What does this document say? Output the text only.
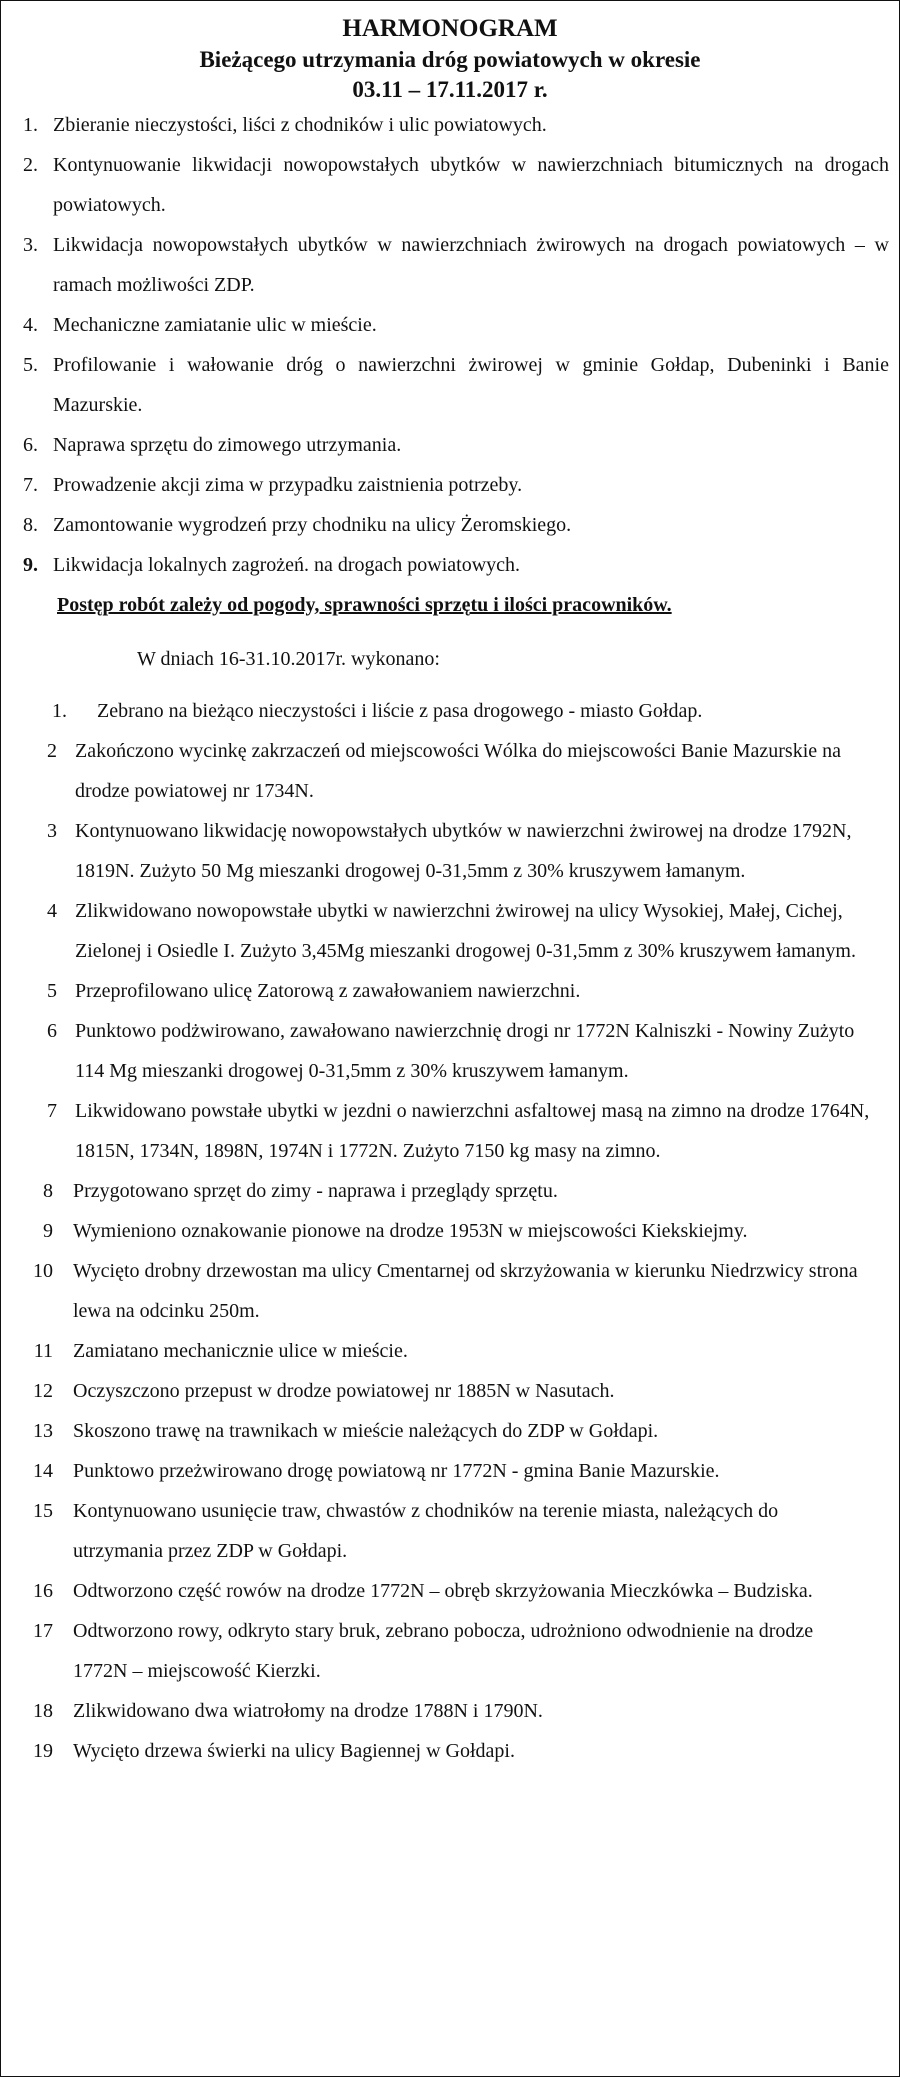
HARMONOGRAM
Bieżącego utrzymania dróg powiatowych w okresie
03.11 – 17.11.2017 r.
1. Zbieranie nieczystości, liści z chodników i ulic powiatowych.
2. Kontynuowanie likwidacji nowopowstałych ubytków w nawierzchniach bitumicznych na drogach powiatowych.
3. Likwidacja nowopowstałych ubytków w nawierzchniach żwirowych na drogach powiatowych – w ramach możliwości ZDP.
4. Mechaniczne zamiatanie ulic w mieście.
5. Profilowanie i wałowanie dróg o nawierzchni żwirowej w gminie Gołdap, Dubeninki i Banie Mazurskie.
6. Naprawa sprzętu do zimowego utrzymania.
7. Prowadzenie akcji zima w przypadku zaistnienia potrzeby.
8. Zamontowanie wygrodzeń przy chodniku na ulicy Żeromskiego.
9. Likwidacja lokalnych zagrożeń. na drogach powiatowych.
Postęp robót zależy od pogody, sprawności sprzętu i ilości pracowników.
W dniach 16-31.10.2017r. wykonano:
1.	Zebrano na bieżąco nieczystości i liście z pasa drogowego - miasto Gołdap.
2 Zakończono wycinkę zakrzaczeń od miejscowości Wólka do miejscowości Banie Mazurskie na drodze powiatowej nr 1734N.
3 Kontynuowano likwidację nowopowstałych ubytków w nawierzchni żwirowej na drodze 1792N, 1819N. Zużyto 50 Mg mieszanki drogowej 0-31,5mm z 30% kruszywem łamanym.
4 Zlikwidowano nowopowstałe ubytki w nawierzchni żwirowej na ulicy Wysokiej, Małej, Cichej, Zielonej i Osiedle I. Zużyto 3,45Mg mieszanki drogowej 0-31,5mm z 30% kruszywem łamanym.
5 Przeprofilowano ulicę Zatorową z zawałowaniem nawierzchni.
6 Punktowo podżwirowano, zawałowano nawierzchnię drogi nr 1772N Kalniszki - Nowiny Zużyto 114 Mg mieszanki drogowej 0-31,5mm z 30% kruszywem łamanym.
7 Likwidowano powstałe ubytki w jezdni o nawierzchni asfaltowej masą na zimno na drodze 1764N, 1815N, 1734N, 1898N, 1974N i 1772N. Zużyto 7150 kg masy na zimno.
8	Przygotowano sprzęt do zimy - naprawa i przeglądy sprzętu.
9	Wymieniono oznakowanie pionowe na drodze 1953N w miejscowości Kiekskiejmy.
10	Wycięto drobny drzewostan ma ulicy Cmentarnej od skrzyżowania w kierunku Niedrzwicy strona lewa na odcinku 250m.
11	Zamiatano mechanicznie ulice w mieście.
12	Oczyszczono przepust w drodze powiatowej nr 1885N w Nasutach.
13	Skoszono trawę na trawnikach w mieście należących do ZDP w Gołdapi.
14	Punktowo przeżwirowano drogę powiatową nr 1772N - gmina Banie Mazurskie.
15	Kontynuowano usunięcie traw, chwastów z chodników na terenie miasta, należących do utrzymania przez ZDP w Gołdapi.
16	Odtworzono część rowów na drodze 1772N – obręb skrzyżowania Mieczkówka – Budziska.
17	Odtworzono rowy, odkryto stary bruk, zebrano pobocza, udrożniono odwodnienie na drodze 1772N – miejscowość Kierzki.
18	Zlikwidowano dwa wiatrołomy na drodze 1788N i 1790N.
19	Wycięto drzewa świerki na ulicy Bagiennej w Gołdapi.
